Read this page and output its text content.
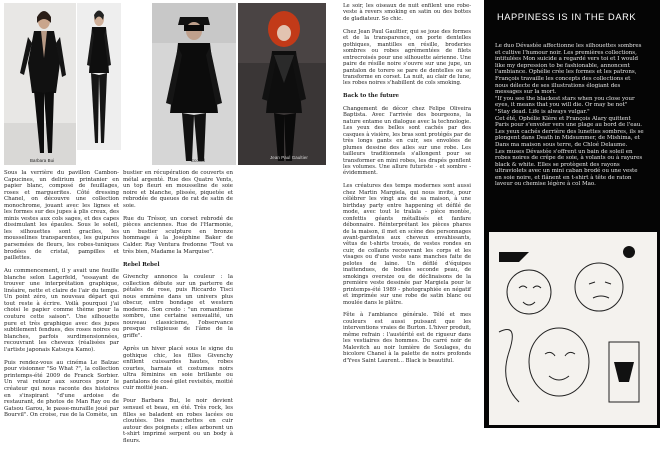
Barbara Bui	Ecoxal
Jean Paul Gaultier

Sous la verrière du pavillon Cambon-Capucines, un delirium printanier en papier blanc, composé de feuillages, roses et marguerites. Côté dressing Chanel, on découvre une collection monochrome, jouant avec les lignes et les formes sur des jupes à plis creux, des minis vestes aux cols sages, et des capes dissimulant les épaules. Sous le soleil, les silhouettes sont graciles, les mousselines transparentes, les guipures parsemées de fleurs, les robes-tuniques brodées de cristal, pampilles et paillettes.

Au commencement, il y avait une feuille blanche selon Lagerfeld, "essayant de trouver une interprétation graphique, linéaire, nette et claire de l'air du temps. Un point zéro, un nouveau départ qui tout reste à écrire. Voilà pourquoi j'ai choisi le papier comme thème pour la couture cette saison". Une silhouette pure et très graphique avec des jupes subtilement fendues, des roses noires ou blanches, parfois surdimensionnées, recouvrant les cheveux (réalisées par l'artiste japonais Katsuya Kamo).

Puis rendez-vous au cinéma Le Balzac pour visionner "So What ?", la collection printemps-été 2009 de Franck Sorbier. Un vrai retour aux sources pour le créateur qui nous raconte des histoires en s'inspirant "d'une ardoise de restaurant, de photos de Man Ray ou de Gatsou Garou, le passe-muraille joué par Bourvil". On croise, rue de la Comète, un

bustier en récupération de couverts en métal argenté. Rue des Quatre Vents, un top fleuri en mousseline de soie noire et blanche, plissée, piquetée et rebrodée de queues de rat de satin de soie.

Rue du Trésor, un corset rebrodé de pièces anciennes. Rue de l'Harmonie, un bustier sculpture en bronze hommage à la Joséphine Baker de Calder. Ray Ventura fredonne "Tout va très bien, Madame la Marquise".

Rebel Rebel

Givenchy annonce la couleur : la collection débute sur un parterre de pétales de rose, puis Riccardo Tisci nous emmène dans un univers plus obscur, entre bondage et western moderne. Son credo : "un romantisme sombre, une certaine sensualité, un nouveau classicisme, l'observance presque religieuse de l'âme de la griffe".

Après un hiver placé sous le signe du gothique chic, les filles Givenchy enfilent cuissardes hautes, robes courtes, harnais et costumes noirs ultra féminins en soie brillante ou pantalons de cosé gilet revisités, moitié cuir moitié jean.

Pour Barbara Bui, le noir devient sensuel et beau, en été. Très rock, les filles se baladent en robes lacées ou cloutées. Des manchettes en cuir autour des poignets ; elles arborent un t-shirt imprimé serpent ou un body à fleurs.

Le soir, les oiseaux de nuit enfilent une robe-veste à revers smoking en satin ou des bottes de gladiateur. So chic.

Chez Jean Paul Gaultier, qui se joue des formes et de la transparence, on porte dentelles gothiques, mantilles en résille, broderies sombres ou robes agrémentées de filets entrecroisés pour une silhouette aérienne. Une paire de résille noire s'ouvre sur une jupe, un pantalon de torero se pare de dentelles ou se transforme en corset. La nuit, au clair de lune, les robes noires s'habillent de cols smoking.

Back to the future

Changement de décor chez Felipe Oliveira Baptista. Avec l'arrivée des bourgeons, la nature entame un dialogue avec la technologie. Les yeux des belles sont cachés par des casques à visière, les bras sont protégés par de très longs gants en cuir, ses envolées de plumes dessine des ailes sur une robe. Les tailleurs traditionnels s'allongent pour se transformer en mini robes, les drapés gonflent les volumes. Une allure futuriste - et sombre - évidemment.

Les créatures des temps modernes sont aussi chez Martin Margiela, qui nous invite, pour célébrer les vingt ans de sa maison, à une birthday party entre happening et défilé de mode, avec tout le tralala - pièce montée, confettis géants métallisés et fanfare débonnaire. Réinterprétant les pièces phares de la maison, il met en scène des personnages avant-gardistes aux cheveux envahissants, vêtus de t-shirts troués, de vestes rondes en cuir, de collants recouvrant les corps et les visages ou d'une veste sans manches faite de pelotes de laine. Un défilé d'équipes inattendues, de bodies seconde peau, de smokings oversize ou de déclinaisons de la première veste dessinée par Margiela pour le printemps-été 1989 - photographiée en négatif et imprimée sur une robe de satin blanc ou moulée dans le plâtre.

Fête à l'ambiance générale. Télé et mes couleurs est aussi puissant que les interventions vraies de Burton. L'hiver produit, même refrain : l'austérité est de rigueur dans les vestiaires des hommes. Du carré noir de Malevitch au noir lumière de Soulages, du bicolore Chanel à la palette de noirs profonds d'Yves Saint Laurent... Black is beautiful.

HAPPINESS IS IN THE DARK

Le duo Dévastée affectionne les silhouettes sombres et cultive l'humour noir. Les premières collections, intitulées Mon suicide a regardé vers toi et I would like my depression to be fashionable, annoncent l'ambiance. Ophélie crée les formes et les patrons, François travaille les concepts des collections et nous délecte de ses illustrations élogiant des messages sur la mort.

"If you see the blackest stars when you close your eyes, it means that you will die. Or may be not"

"Stay dead. Life is always vulgar."

Cet été, Ophélie Klère et François Alary quittent Paris pour s'envoler vers une plage au bord de l'eau. Les yeux cachés derrière des lunettes sombres, ils se plongent dans Death in Midsummer, de Mishima, et Dans ma maison sous terre, de Chloé Delaume.

Les muses Dévastée s'offrent un bain de soleil en robes noires de crêpe de soie, à volants ou à rayures black & white. Elles se protègent des rayons ultraviolets avec un mini caban brodé ou une veste en soie noire, et flânent en t-shirt à tête de raton laveur ou chemise légère à col Mao.
